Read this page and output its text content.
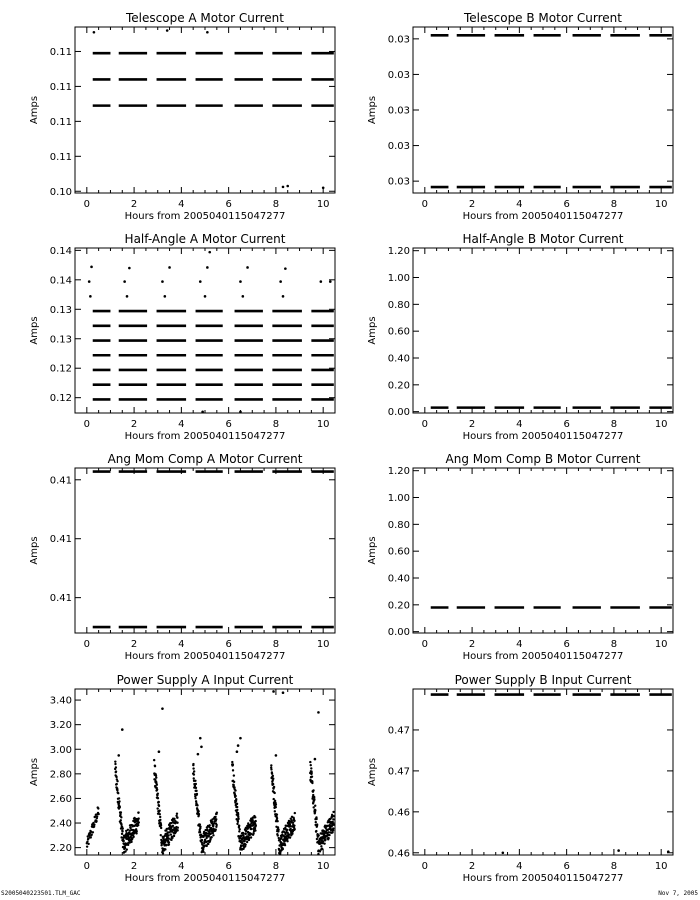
Telescope A Motor Current
0	2	4	6	8	10
0.10
0.11
0.11
0.11
0.11
Hours from 2005040115047277
Amps
Telescope B Motor Current
0	2	4	6	8	10
0.03
0.03
0.03
0.03
0.03
Hours from 2005040115047277
Amps
Half-Angle A Motor Current
0	2	4	6	8	10
0.12
0.12
0.13
0.13
0.14
0.14
Hours from 2005040115047277
Amps
Half-Angle B Motor Current
0	2	4	6	8	10
0.00
0.20
0.40
0.60
0.80
1.00
1.20
Hours from 2005040115047277
Amps
Ang Mom Comp A Motor Current
0	2	4	6	8	10
0.41
0.41
0.41
Hours from 2005040115047277
Amps
Ang Mom Comp B Motor Current
0	2	4	6	8	10
0.00
0.20
0.40
0.60
0.80
1.00
1.20
Hours from 2005040115047277
Amps
Power Supply A Input Current
0	2	4	6	8	10
2.20
2.40
2.60
2.80
3.00
3.20
3.40
Hours from 2005040115047277
Amps
Power Supply B Input Current
0	2	4	6	8	10
0.46
0.46
0.47
0.47
Hours from 2005040115047277
Amps
S2005040223501.TLM_GAC	Nov 7, 2005
